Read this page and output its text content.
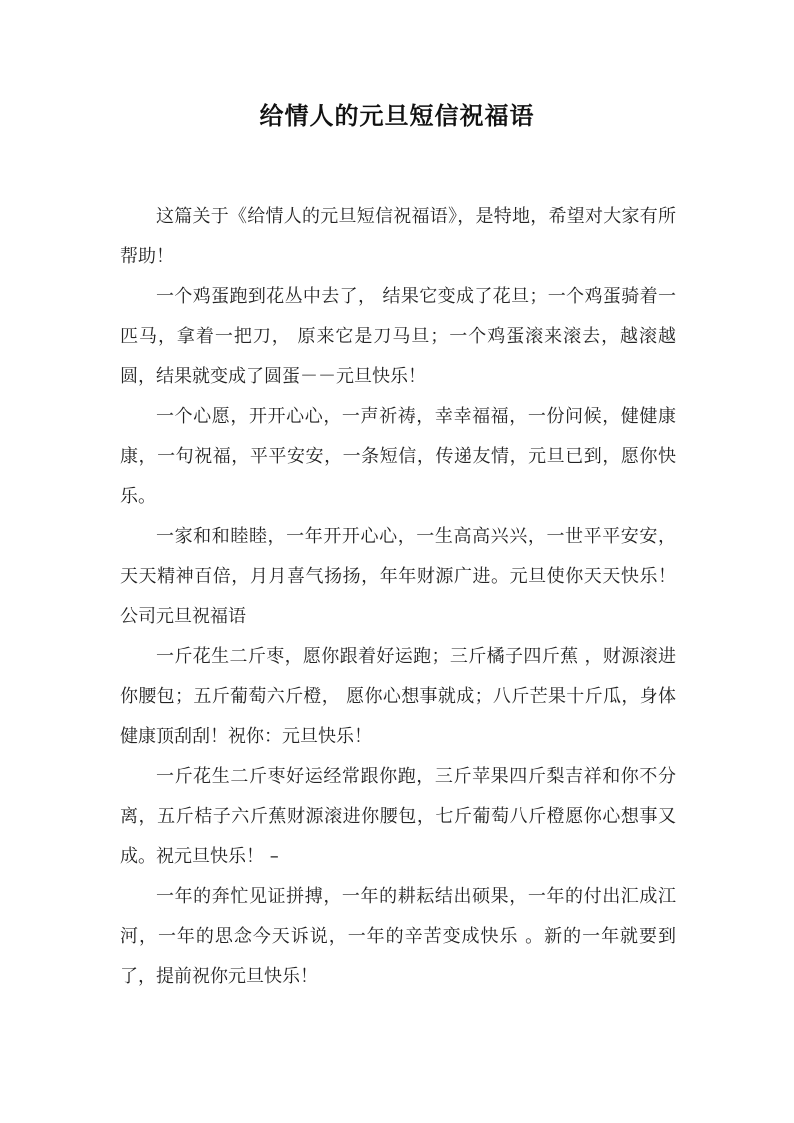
给情人的元旦短信祝福语

这篇关于《给情人的元旦短信祝福语》，是特地，希望对大家有所帮助！

一个鸡蛋跑到花丛中去了， 结果它变成了花旦；一个鸡蛋骑着一匹马，拿着一把刀， 原来它是刀马旦；一个鸡蛋滚来滚去，越滚越圆，结果就变成了圆蛋－－元旦快乐！

一个心愿，开开心心，一声祈祷，幸幸福福，一份问候，健健康康，一句祝福，平平安安，一条短信，传递友情，元旦已到，愿你快乐。

一家和和睦睦，一年开开心心，一生高高兴兴，一世平平安安，天天精神百倍，月月喜气扬扬，年年财源广进。元旦使你天天快乐！公司元旦祝福语

一斤花生二斤枣，愿你跟着好运跑；三斤橘子四斤蕉 ，财源滚进你腰包；五斤葡萄六斤橙， 愿你心想事就成；八斤芒果十斤瓜，身体健康顶刮刮！祝你：元旦快乐！

一斤花生二斤枣好运经常跟你跑，三斤苹果四斤梨吉祥和你不分离，五斤桔子六斤蕉财源滚进你腰包，七斤葡萄八斤橙愿你心想事又成。祝元旦快乐！ –

一年的奔忙见证拼搏，一年的耕耘结出硕果，一年的付出汇成江河，一年的思念今天诉说，一年的辛苦变成快乐 。新的一年就要到了，提前祝你元旦快乐！
